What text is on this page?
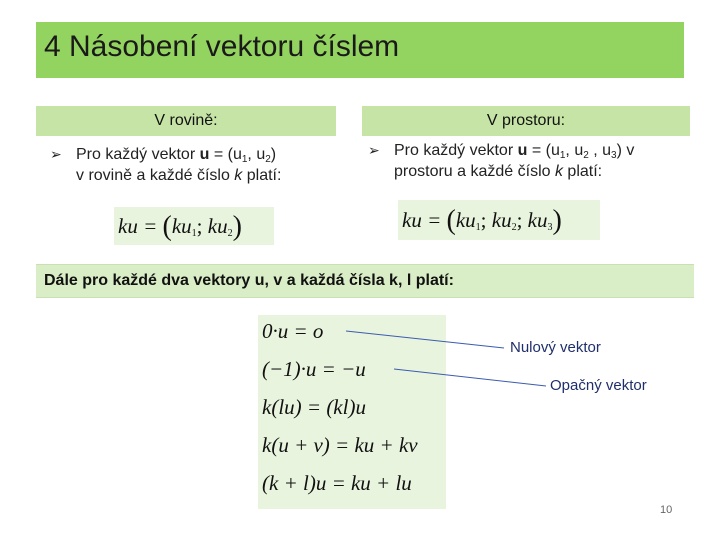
4 Násobení vektoru číslem
V rovině:
➢ Pro každý vektor $u = (u_1$, $u_2$)
v rovině a každé číslo k platí:
ku = ($ku_1$; $ku_2$)
V prostoru:
➢ Pro každý vektor $u = (u_1$, $u_2$ , $u_3$) v
prostoru a každé číslo k platí:
ku = ($ku_1$; $ku_2$; $ku_3$)
Dále pro každé dva vektory u, v a každá čísla k, l platí:
0·u = o
(−1)·u = −u
k(lu) = (kl)u
k(u + v) = ku + kv
(k + l)u = ku + lu
Nulový vektor
Opačný vektor
10
